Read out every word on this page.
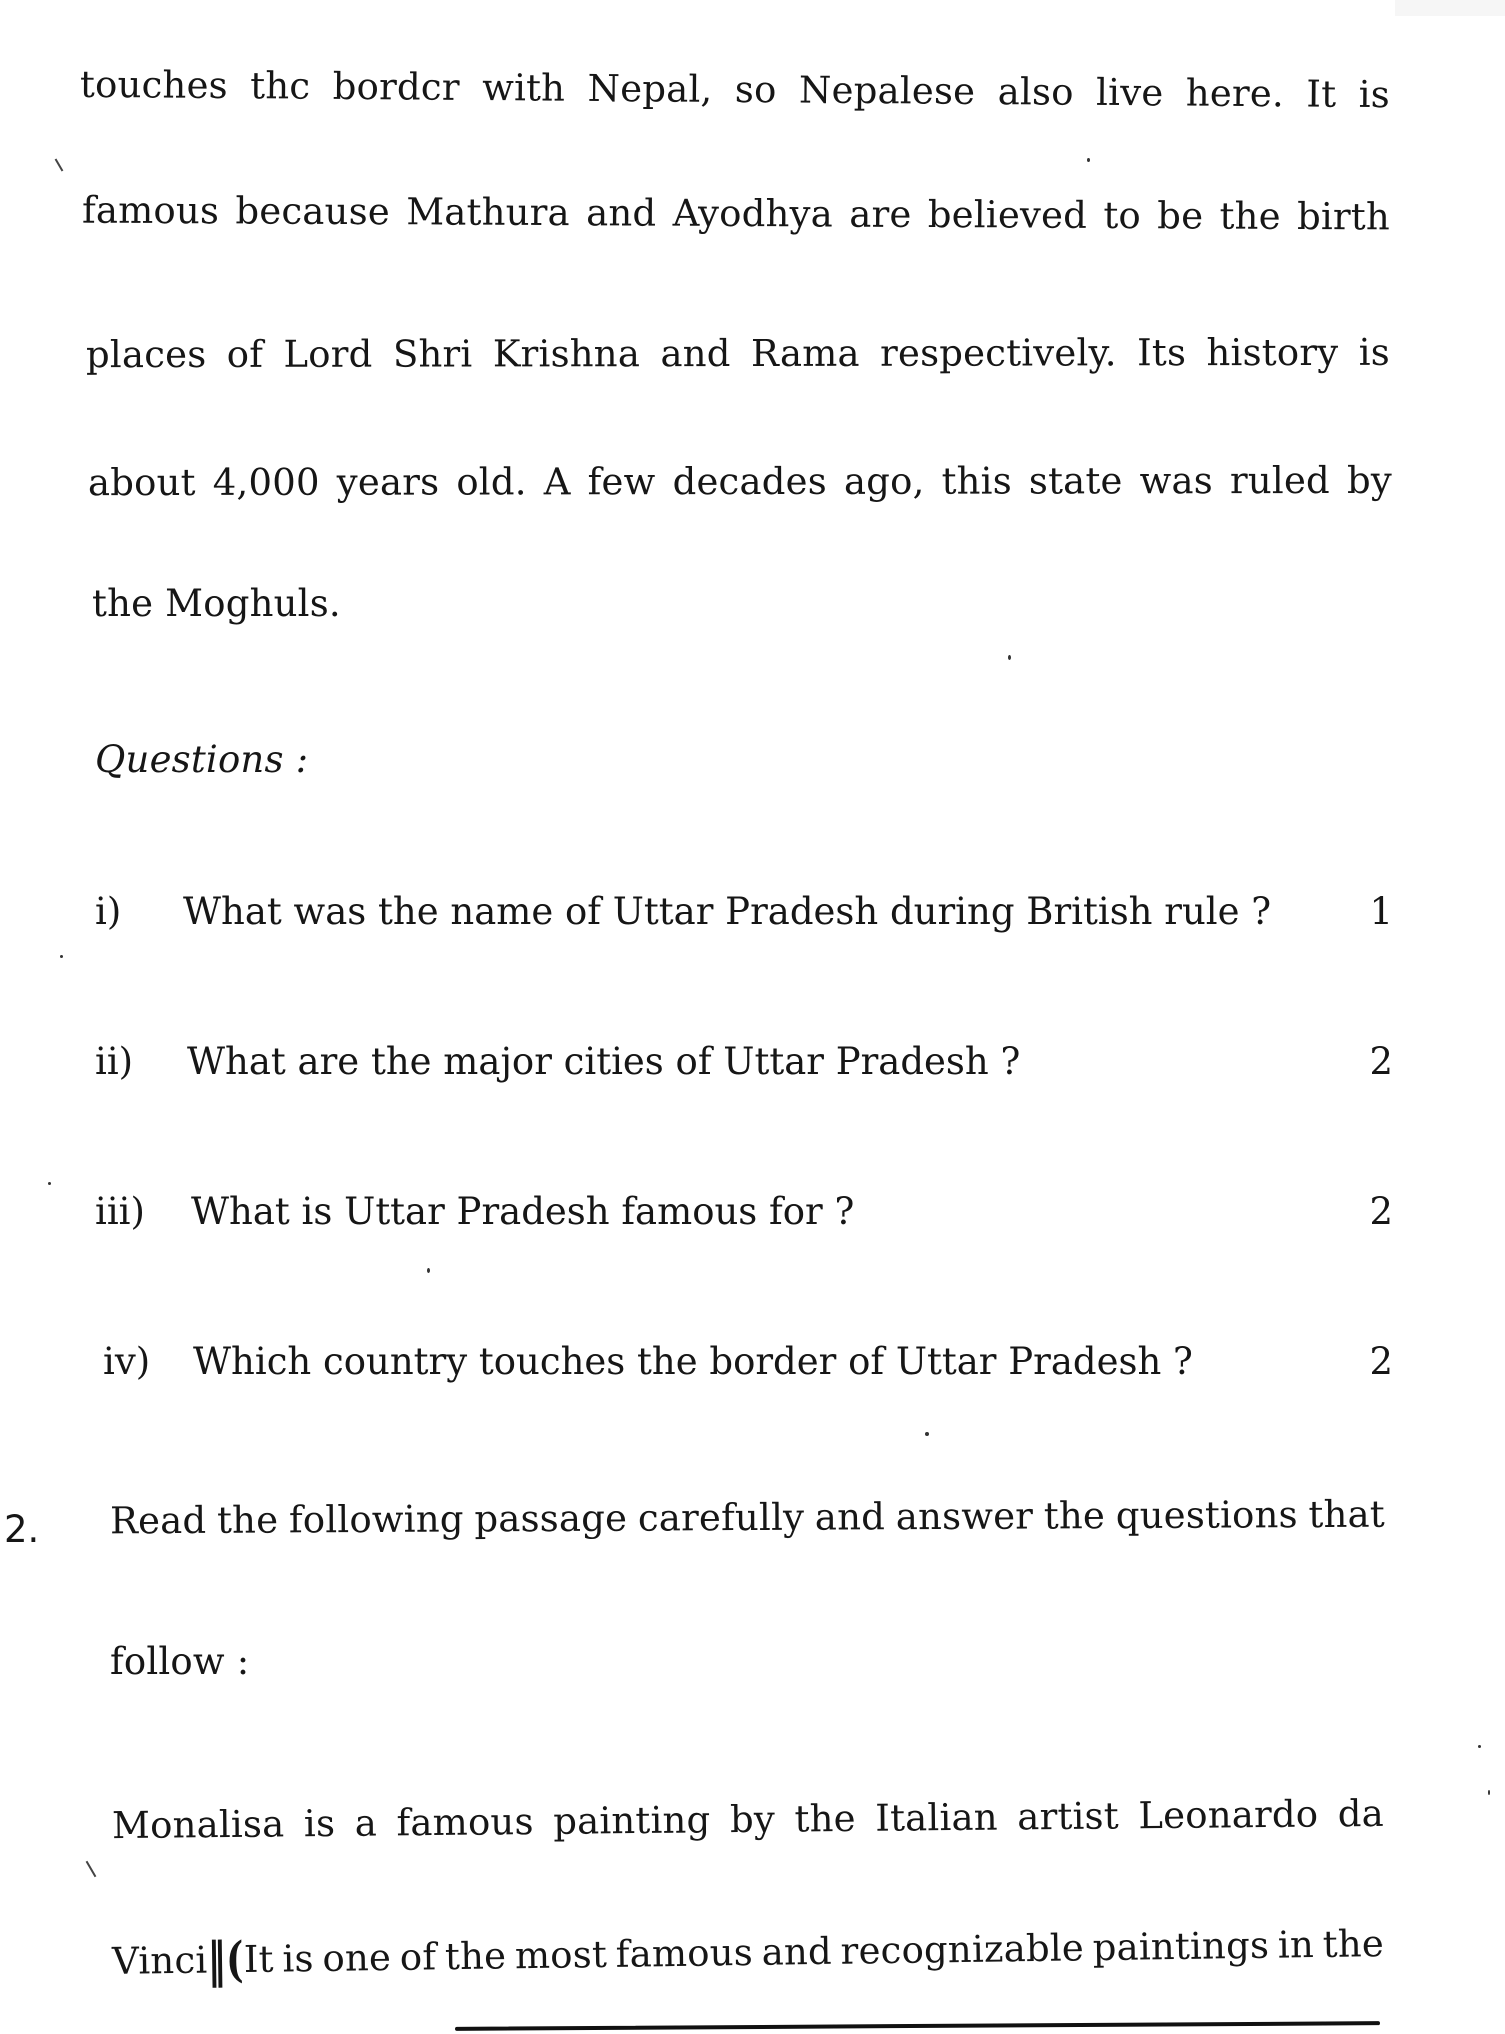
touches thc bordcr with Nepal, so Nepalese also live here. It is
famous because Mathura and Ayodhya are believed to be the birth
places of Lord Shri Krishna and Rama respectively. Its history is
about 4,000 years old. A few decades ago, this state was ruled by
the Moghuls.
Questions :
i) What was the name of Uttar Pradesh during British rule ?	1
ii) What are the major cities of Uttar Pradesh ?	2
iii) What is Uttar Pradesh famous for ?	2
iv) Which country touches the border of Uttar Pradesh ?	2
2. Read the following passage carefully and answer the questions that
follow :
Monalisa is a famous painting by the Italian artist Leonardo da
Vinci ‖( It is one of the most famous and recognizable paintings in the
